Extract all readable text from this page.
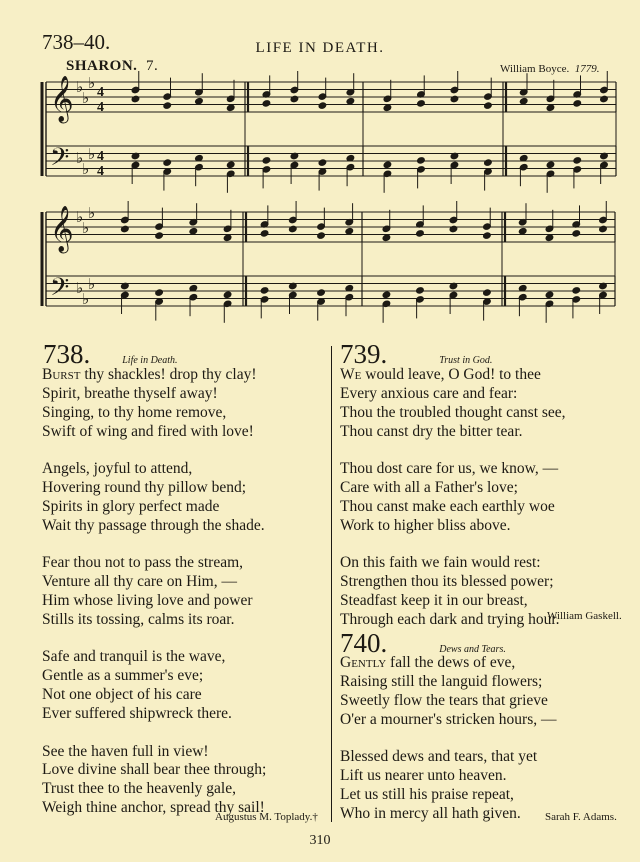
738–40.	LIFE IN DEATH.
SHARON. 7.	William Boyce. 1779.
𝄞 ♭
♭
♭
4
4
𝄢 ♭
♭
♭ 4
4
𝄞 ♭
♭
♭
𝄢 ♭
♭
♭
738.	Life in Death.
Burst thy shackles! drop thy clay!
Spirit, breathe thyself away!
Singing, to thy home remove,
Swift of wing and fired with love!
Angels, joyful to attend,
Hovering round thy pillow bend;
Spirits in glory perfect made
Wait thy passage through the shade.
Fear thou not to pass the stream,
Venture all thy care on Him, —
Him whose living love and power
Stills its tossing, calms its roar.
Safe and tranquil is the wave,
Gentle as a summer's eve;
Not one object of his care
Ever suffered shipwreck there.
See the haven full in view!
Love divine shall bear thee through;
Trust thee to the heavenly gale,
Weigh thine anchor, spread thy sail!
Augustus M. Toplady.†
739.	Trust in God.
We would leave, O God! to thee
Every anxious care and fear:
Thou the troubled thought canst see,
Thou canst dry the bitter tear.
Thou dost care for us, we know, —
Care with all a Father's love;
Thou canst make each earthly woe
Work to higher bliss above.
On this faith we fain would rest:
Strengthen thou its blessed power;
Steadfast keep it in our breast,
Through each dark and trying hour.
William Gaskell.
740.	Dews and Tears.
Gently fall the dews of eve,
Raising still the languid flowers;
Sweetly flow the tears that grieve
O'er a mourner's stricken hours, —
Blessed dews and tears, that yet
Lift us nearer unto heaven.
Let us still his praise repeat,
Who in mercy all hath given.	Sarah F. Adams.
310
